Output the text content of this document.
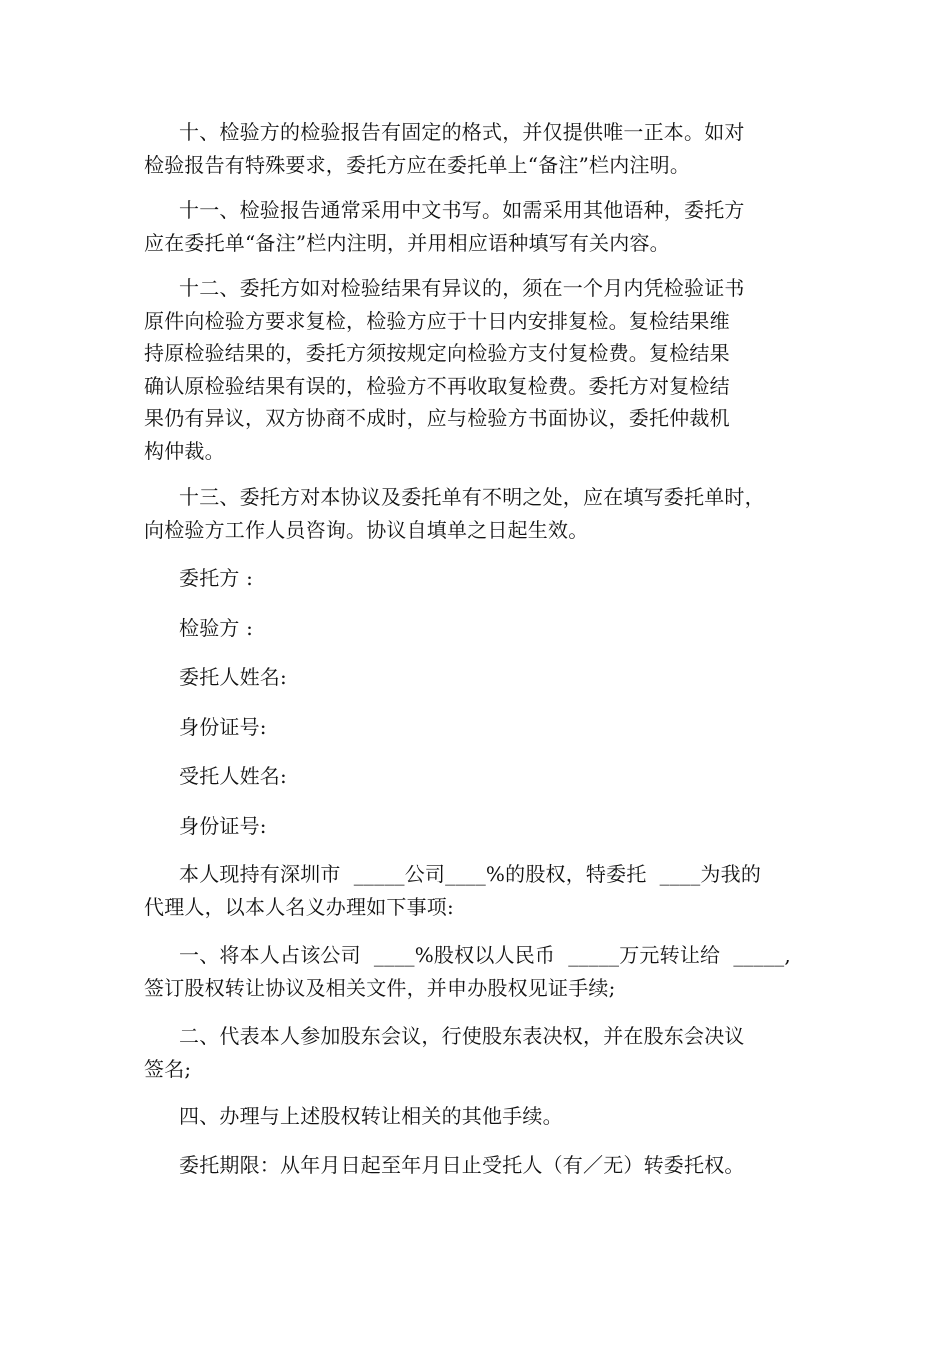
十、检验方的检验报告有固定的格式，并仅提供唯一正本。如对

检验报告有特殊要求，委托方应在委托单上“备注”栏内注明。

十一、检验报告通常采用中文书写。如需采用其他语种，委托方

应在委托单“备注”栏内注明，并用相应语种填写有关内容。

十二、委托方如对检验结果有异议的，须在一个月内凭检验证书

原件向检验方要求复检，检验方应于十日内安排复检。复检结果维

持原检验结果的，委托方须按规定向检验方支付复检费。复检结果

确认原检验结果有误的，检验方不再收取复检费。委托方对复检结

果仍有异议，双方协商不成时，应与检验方书面协议，委托仲裁机

构仲裁。

十三、委托方对本协议及委托单有不明之处，应在填写委托单时，

向检验方工作人员咨询。协议自填单之日起生效。

委托方 :

检验方 :

委托人姓名:

身份证号:

受托人姓名:

身份证号:

本人现持有深圳市  _____公司____%的股权，特委托  ____为我的

代理人，以本人名义办理如下事项:

一、将本人占该公司  ____%股权以人民币  _____万元转让给  _____,

签订股权转让协议及相关文件，并申办股权见证手续;

二、代表本人参加股东会议，行使股东表决权，并在股东会决议

签名;

四、办理与上述股权转让相关的其他手续。

委托期限：从年月日起至年月日止受托人（有／无）转委托权。
